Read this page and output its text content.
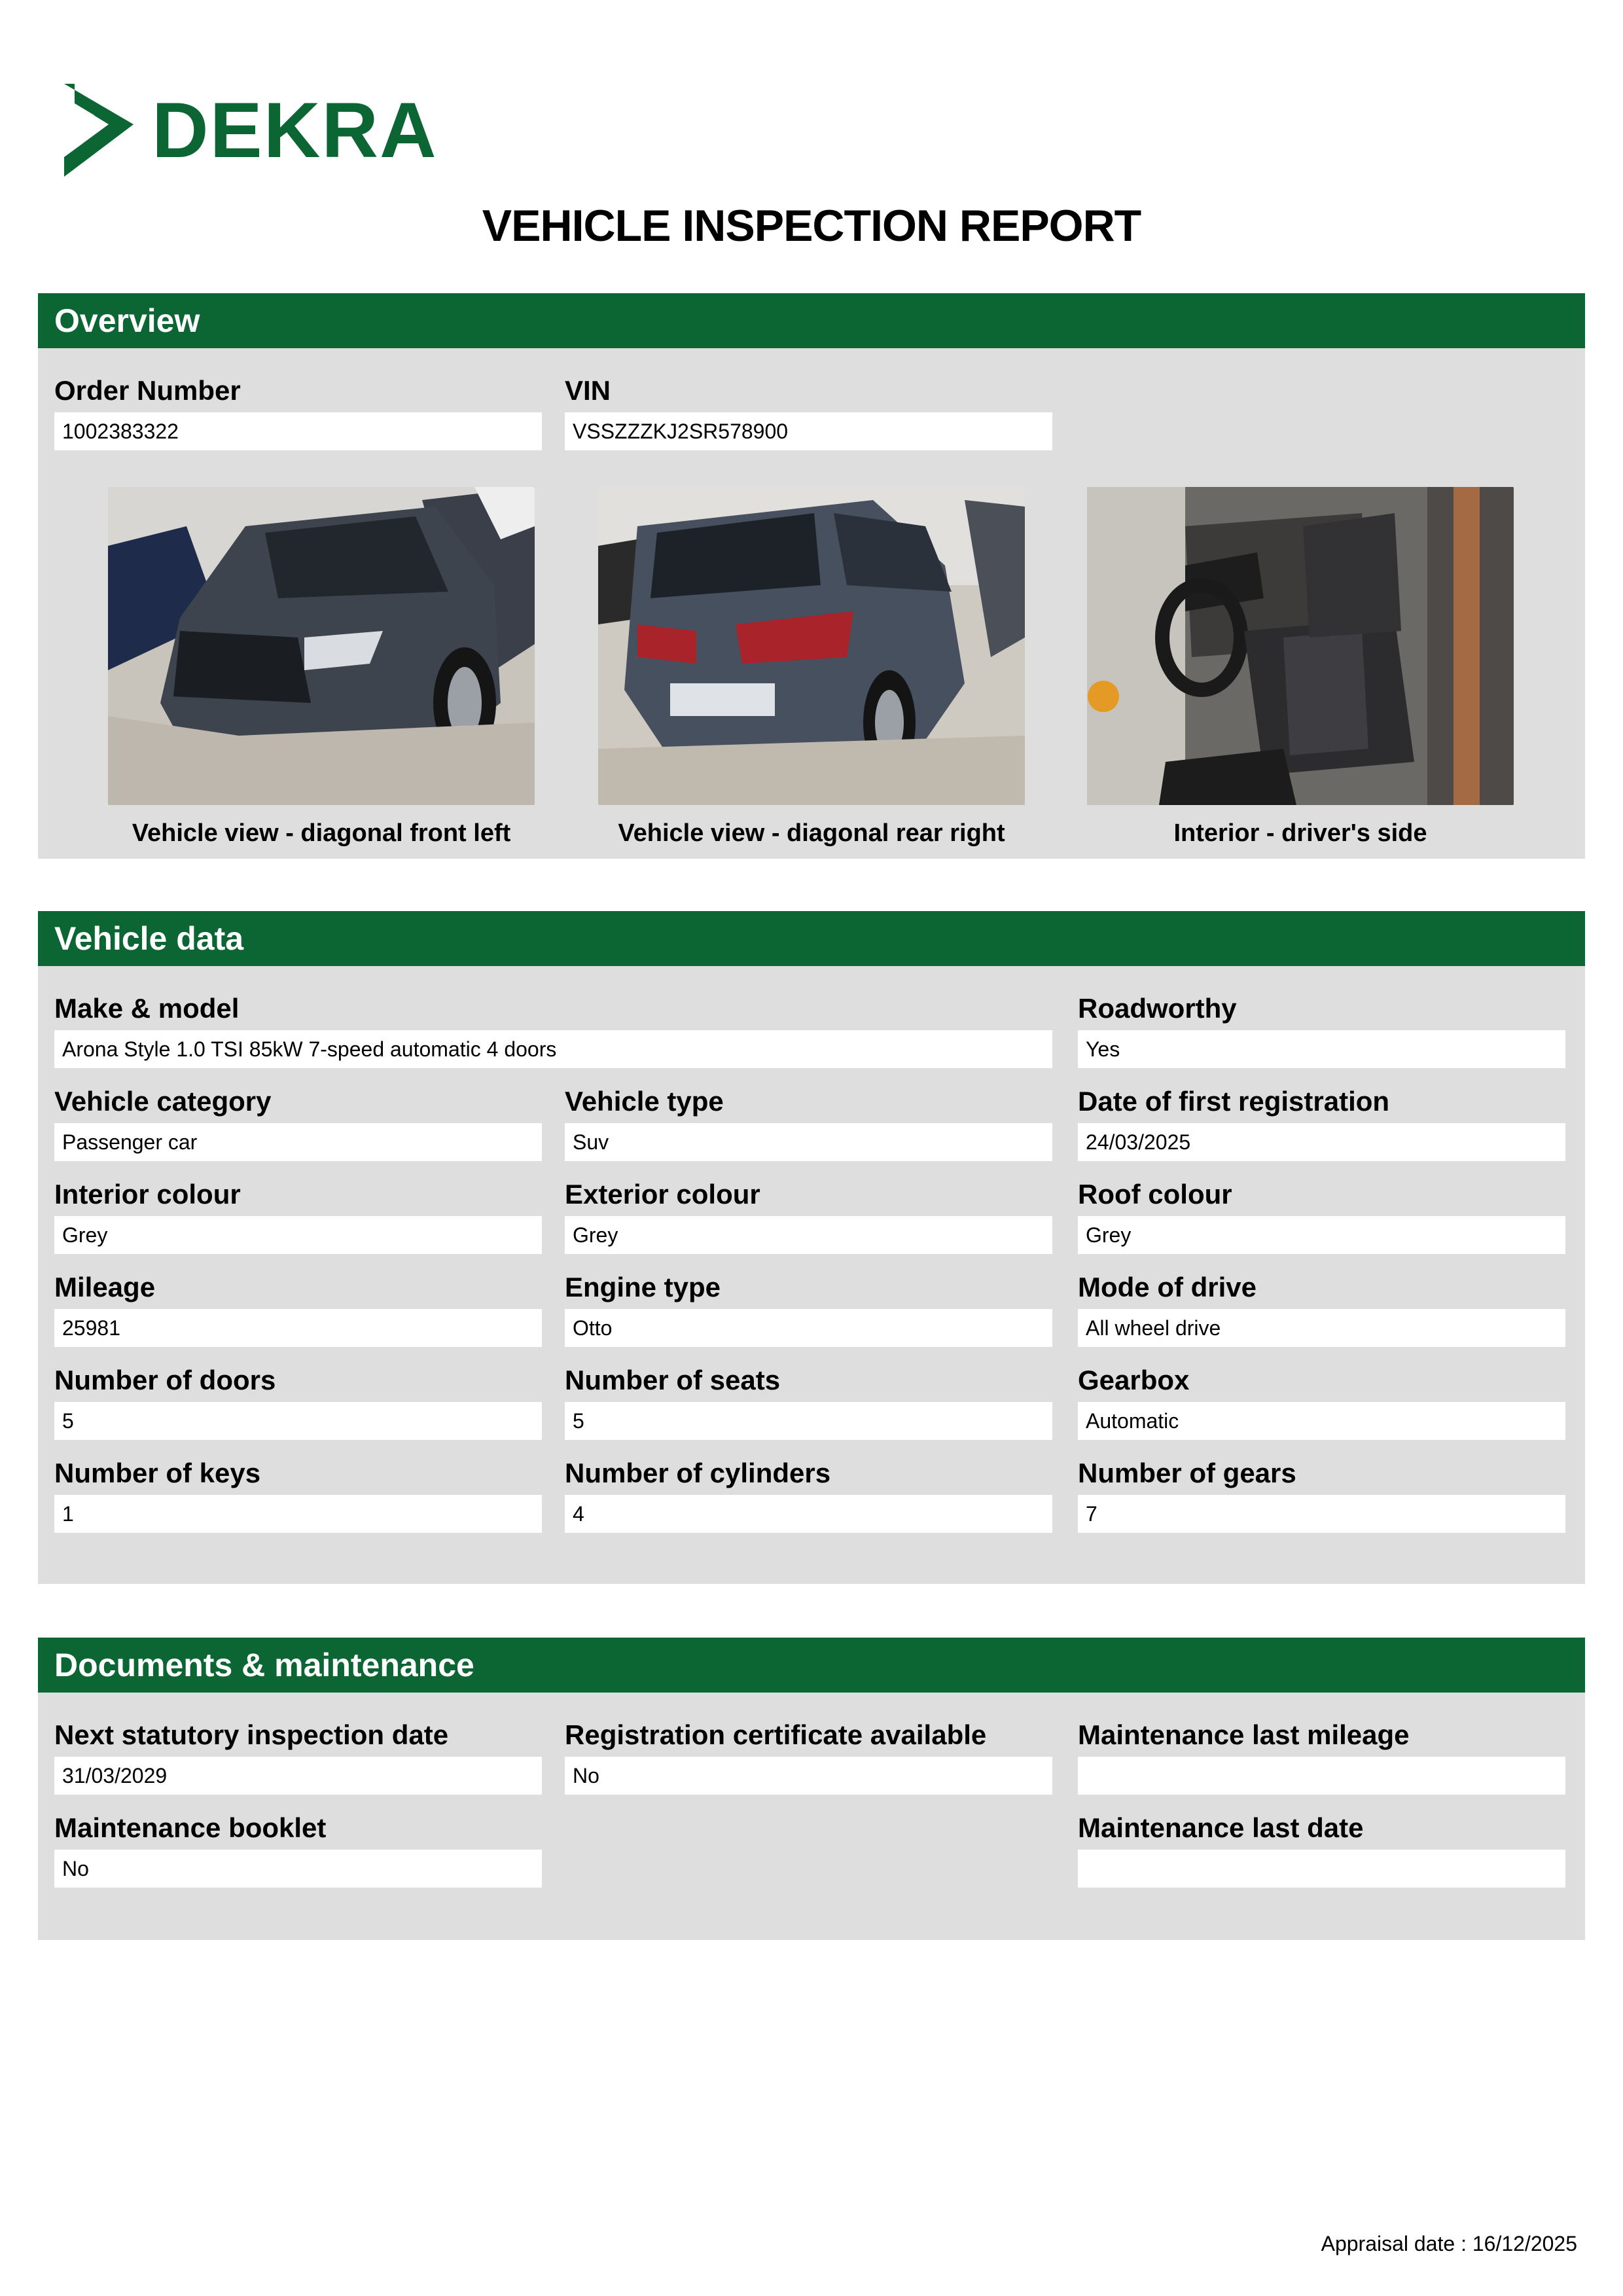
DEKRA
VEHICLE INSPECTION REPORT
Overview
Order Number
1002383322
VIN
VSSZZZKJ2SR578900
Vehicle view - diagonal front left	Vehicle view - diagonal rear right	Interior - driver's side
Vehicle data
Make & model
Arona Style 1.0 TSI 85kW 7-speed automatic 4 doors
Roadworthy
Yes
Vehicle category
Passenger car
Vehicle type
Suv
Date of first registration
24/03/2025
Interior colour
Grey
Exterior colour
Grey
Roof colour
Grey
Mileage
25981
Engine type
Otto
Mode of drive
All wheel drive
Number of doors
5
Number of seats
5
Gearbox
Automatic
Number of keys
1
Number of cylinders
4
Number of gears
7
Documents & maintenance
Next statutory inspection date
31/03/2029
Registration certificate available
No
Maintenance last mileage
Maintenance booklet
No
Maintenance last date
Appraisal date : 16/12/2025
